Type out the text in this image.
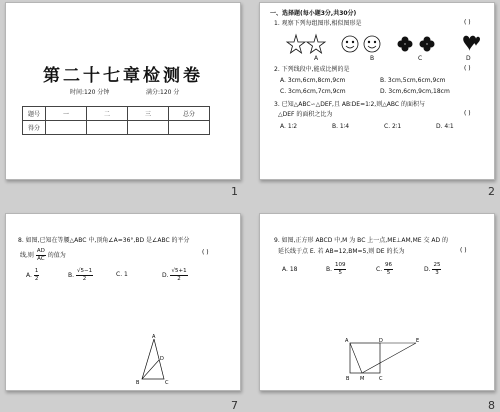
第二十七章检测卷
时间:120 分钟	满分:120 分
题号	一	二	三	总分
得分				
1
一、选择题(每小题3分,共30分)
1. 观察下列每组图形,相似图形是	( )
A	B	C	D
2. 下列线段中,能成比例的是	( )
A. 3cm,6cm,8cm,9cm	B. 3cm,5cm,6cm,9cm
C. 3cm,6cm,7cm,9cm	D. 3cm,6cm,9cm,18cm
3. 已知△ABC∽△DEF,且 AB∶DE=1∶2,则△ABC 的面积与
△DEF 的面积之比为	( )
A. 1∶2	B. 1∶4	C. 2∶1	D. 4∶1
2
8. 如图,已知在等腰△ABC 中,顶角∠A=36°,BD 是∠ABC 的平分
线,则 $\frac{AD}{AC}$ 的值为	( )
A. $\frac{1}{2}$	B. $\frac{√5-1}{2}$	C. 1	D. $\frac{√5+1}{2}$
A
B	C
D
7
9. 如图,正方形 ABCD 中,M 为 BC 上一点,ME⊥AM,ME 交 AD 的
延长线于点 E. 若 AB=12,BM=5,则 DE 的长为	( )
A. 18	B. $\frac{109}{5}$	C. $\frac{96}{5}$	D. $\frac{25}{3}$
A	D	E
B M	C
8
